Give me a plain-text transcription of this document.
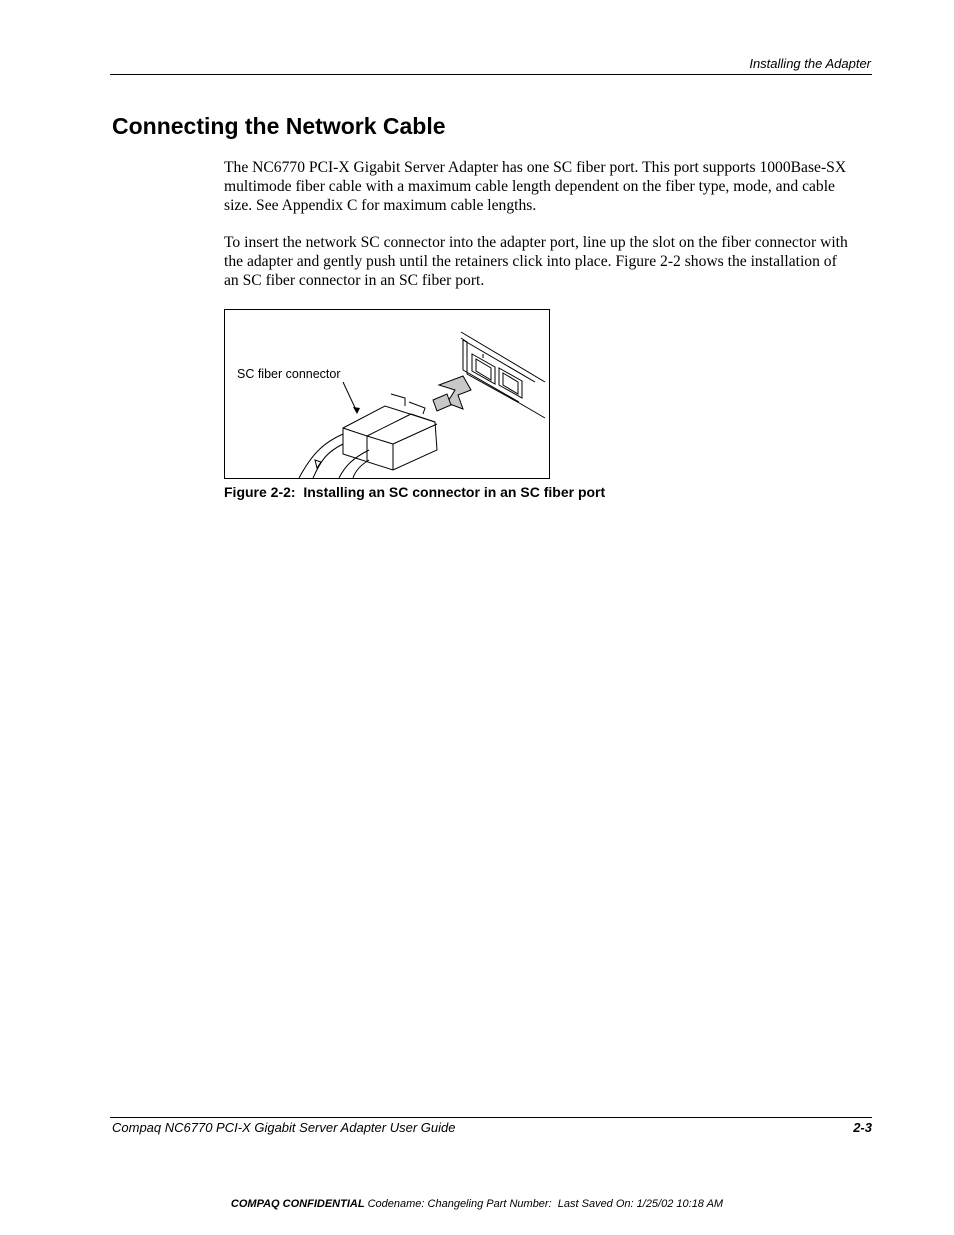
Installing the Adapter
Connecting the Network Cable

The NC6770 PCI-X Gigabit Server Adapter has one SC fiber port. This port supports 1000Base-SX multimode fiber cable with a maximum cable length dependent on the fiber type, mode, and cable size. See Appendix C for maximum cable lengths.

To insert the network SC connector into the adapter port, line up the slot on the fiber connector with the adapter and gently push until the retainers click into place. Figure 2-2 shows the installation of an SC fiber connector in an SC fiber port.

SC fiber connector

Figure 2-2:  Installing an SC connector in an SC fiber port

Compaq NC6770 PCI-X Gigabit Server Adapter User Guide	2-3
COMPAQ CONFIDENTIAL Codename: Changeling Part Number:  Last Saved On: 1/25/02 10:18 AM
